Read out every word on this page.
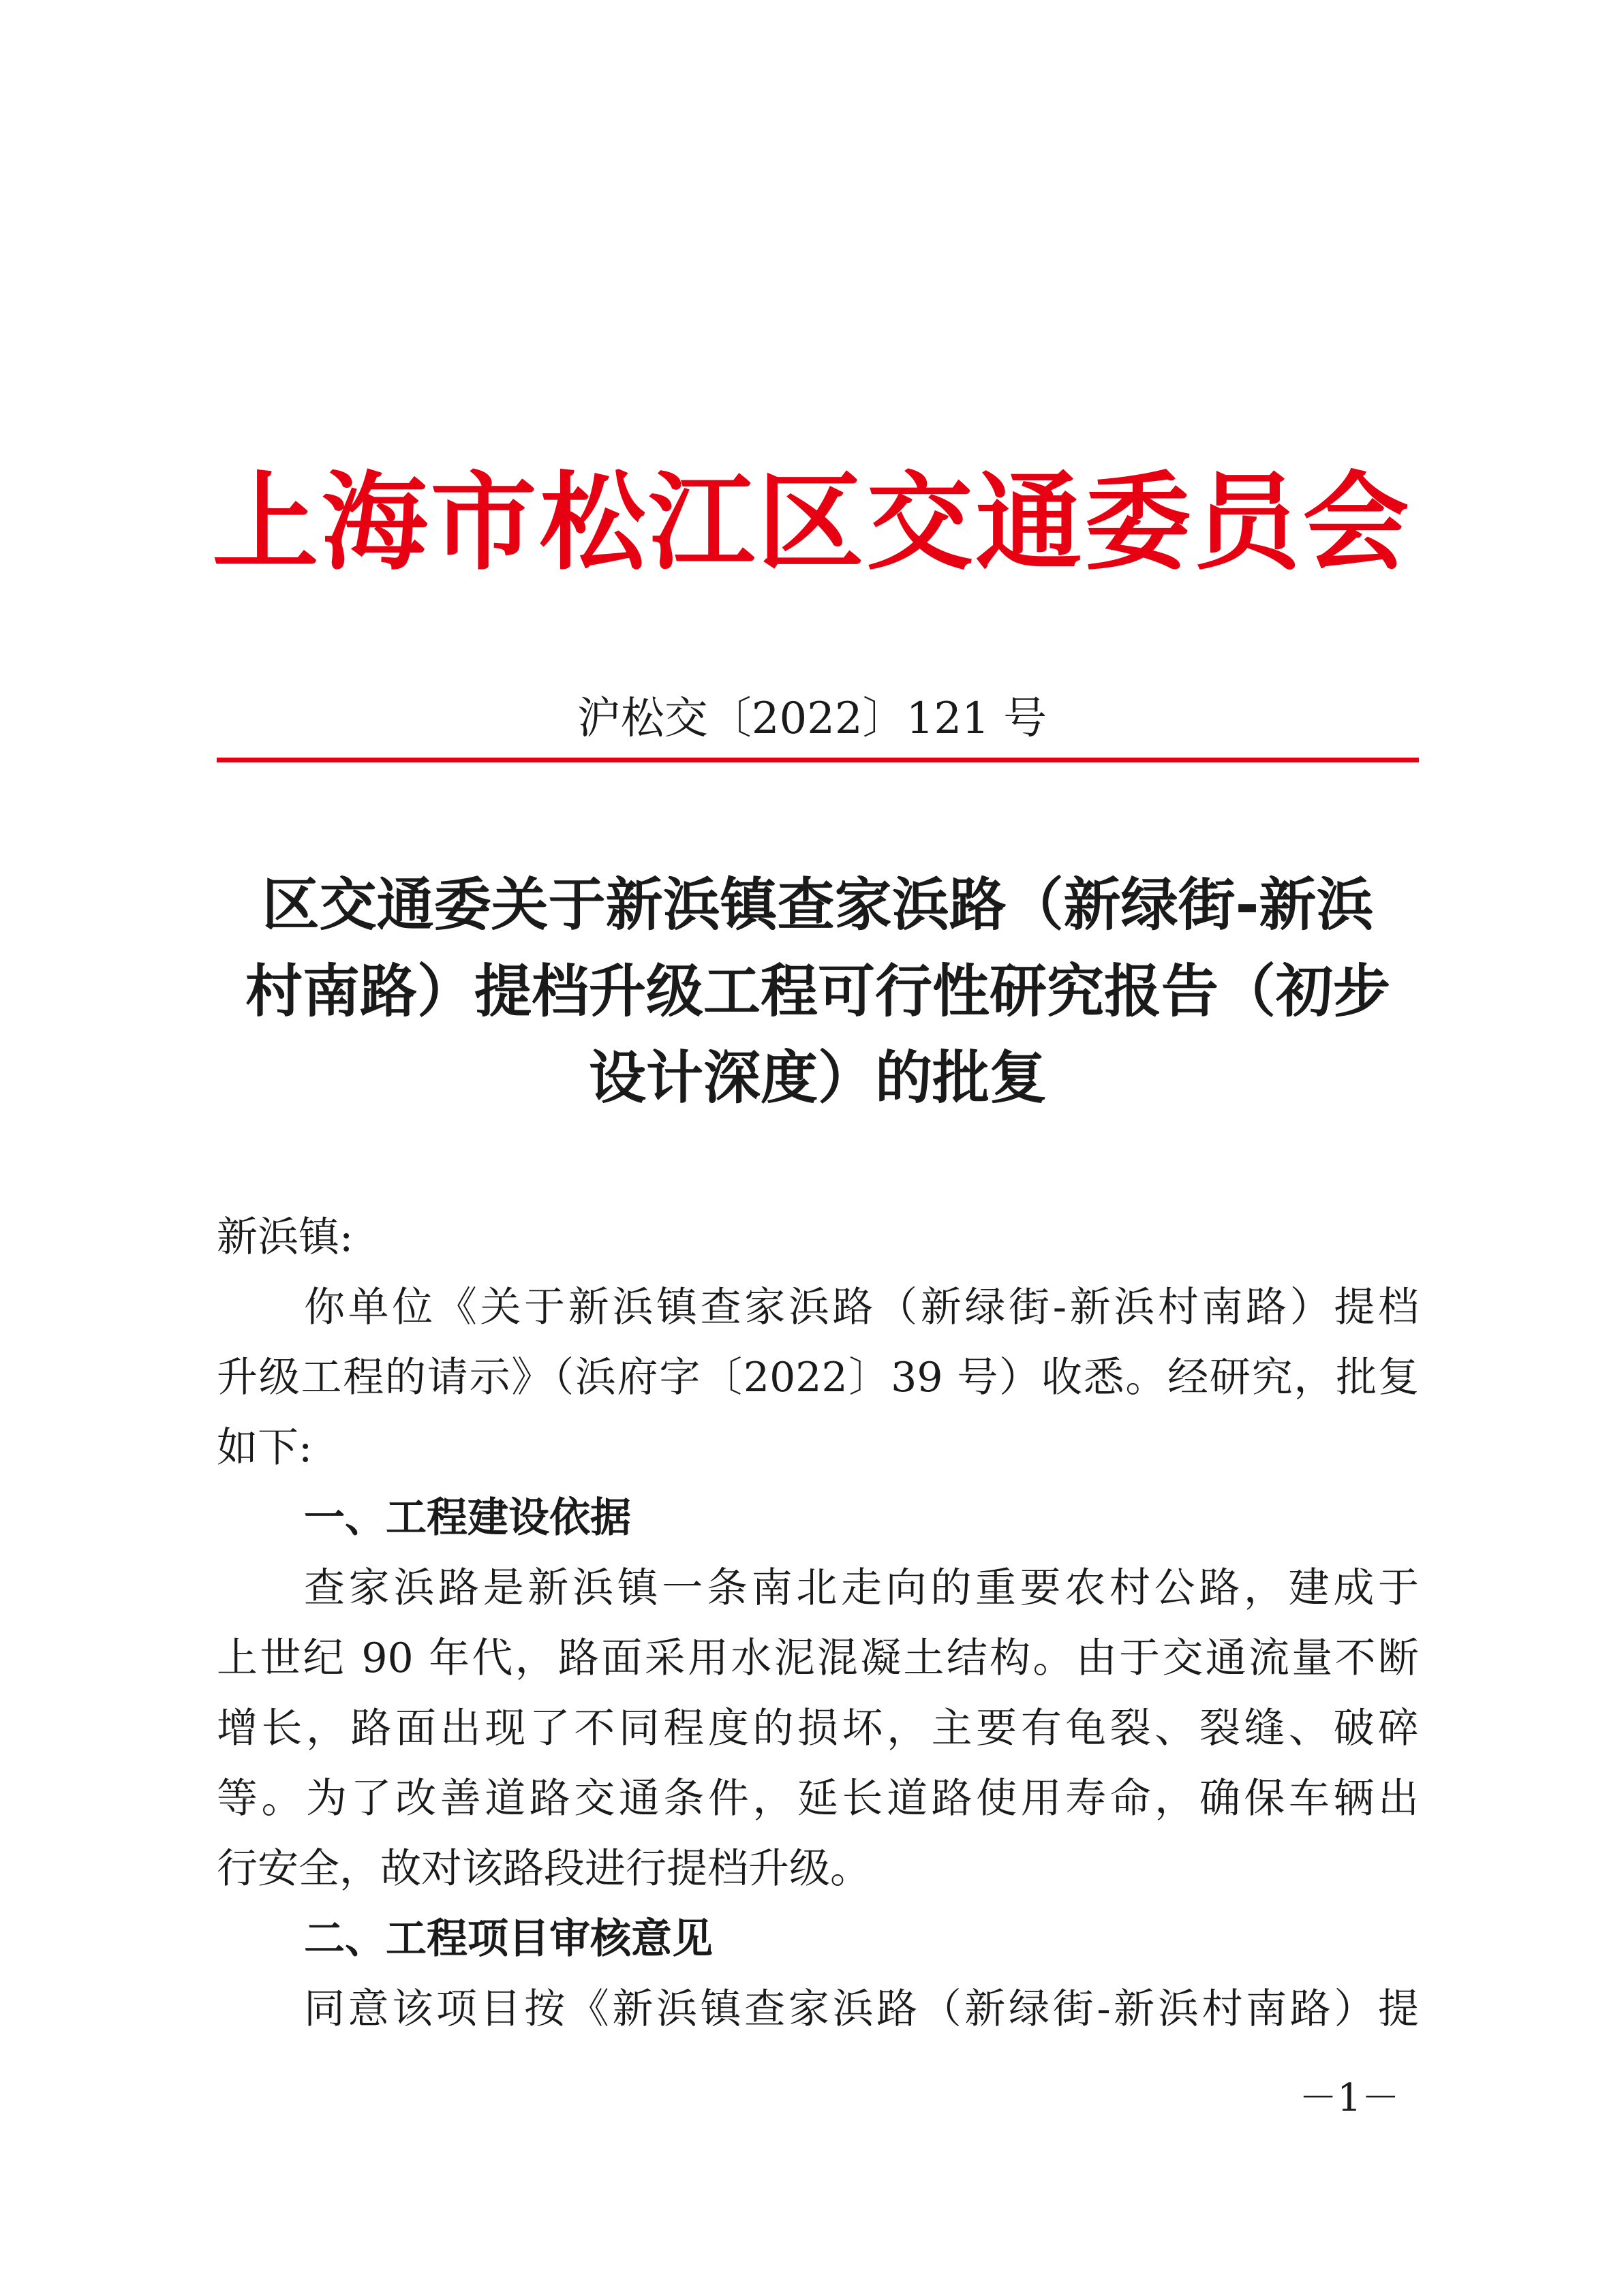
上海市松江区交通委员会
沪松交〔2022〕121 号
区交通委关于新浜镇查家浜路（新绿街-新浜
村南路）提档升级工程可行性研究报告（初步
设计深度）的批复
新浜镇:
你单位《关于新浜镇查家浜路（新绿街-新浜村南路）提档
升级工程的请示》（浜府字〔2022〕39 号）收悉。经研究，批复
如下:
一、工程建设依据
查家浜路是新浜镇一条南北走向的重要农村公路，建成于
上世纪 90 年代，路面采用水泥混凝土结构。由于交通流量不断
增长，路面出现了不同程度的损坏，主要有龟裂、裂缝、破碎
等。为了改善道路交通条件，延长道路使用寿命，确保车辆出
行安全，故对该路段进行提档升级。
二、工程项目审核意见
同意该项目按《新浜镇查家浜路（新绿街-新浜村南路）提
－1－
